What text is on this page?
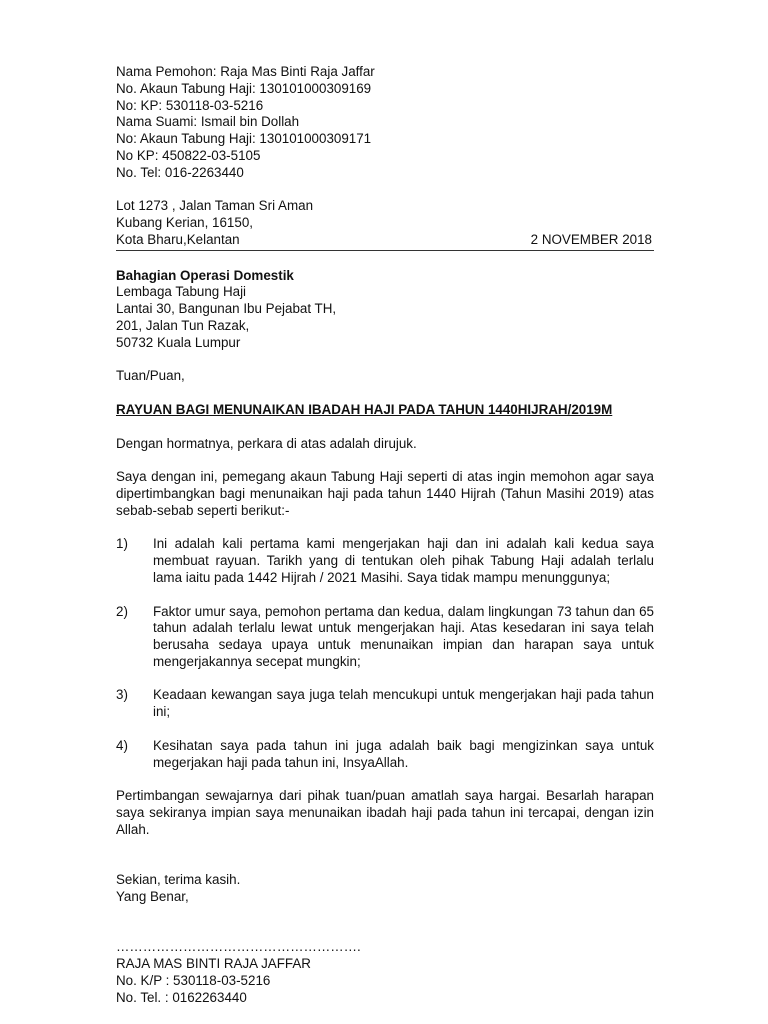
Nama Pemohon: Raja Mas Binti Raja Jaffar
No. Akaun Tabung Haji: 130101000309169
No: KP: 530118-03-5216
Nama Suami: Ismail bin Dollah
No: Akaun Tabung Haji: 130101000309171
No KP: 450822-03-5105
No. Tel: 016-2263440
Lot 1273 , Jalan Taman Sri Aman
Kubang Kerian, 16150,
Kota Bharu,Kelantan	2 NOVEMBER 2018
Bahagian Operasi Domestik
Lembaga Tabung Haji
Lantai 30, Bangunan Ibu Pejabat TH,
201, Jalan Tun Razak,
50732 Kuala Lumpur
Tuan/Puan,
RAYUAN BAGI MENUNAIKAN IBADAH HAJI PADA TAHUN 1440HIJRAH/2019M
Dengan hormatnya, perkara di atas adalah dirujuk.
Saya dengan ini, pemegang akaun Tabung Haji seperti di atas ingin memohon agar saya dipertimbangkan bagi menunaikan haji pada tahun 1440 Hijrah (Tahun Masihi 2019) atas sebab-sebab seperti berikut:-
1)	Ini adalah kali pertama kami mengerjakan haji dan ini adalah kali kedua saya membuat rayuan. Tarikh yang di tentukan oleh pihak Tabung Haji adalah terlalu lama iaitu pada 1442 Hijrah / 2021 Masihi. Saya tidak mampu menunggunya;
2)	Faktor umur saya, pemohon pertama dan kedua, dalam lingkungan 73 tahun dan 65 tahun adalah terlalu lewat untuk mengerjakan haji. Atas kesedaran ini saya telah berusaha sedaya upaya untuk menunaikan impian dan harapan saya untuk mengerjakannya secepat mungkin;
3)	Keadaan kewangan saya juga telah mencukupi untuk mengerjakan haji pada tahun ini;
4)	Kesihatan saya pada tahun ini juga adalah baik bagi mengizinkan saya untuk megerjakan haji pada tahun ini, InsyaAllah.
Pertimbangan sewajarnya dari pihak tuan/puan amatlah saya hargai. Besarlah harapan saya sekiranya impian saya menunaikan ibadah haji pada tahun ini tercapai, dengan izin Allah.
Sekian, terima kasih.
Yang Benar,
……………………………………………….
RAJA MAS BINTI RAJA JAFFAR
No. K/P : 530118-03-5216
No. Tel. : 0162263440
